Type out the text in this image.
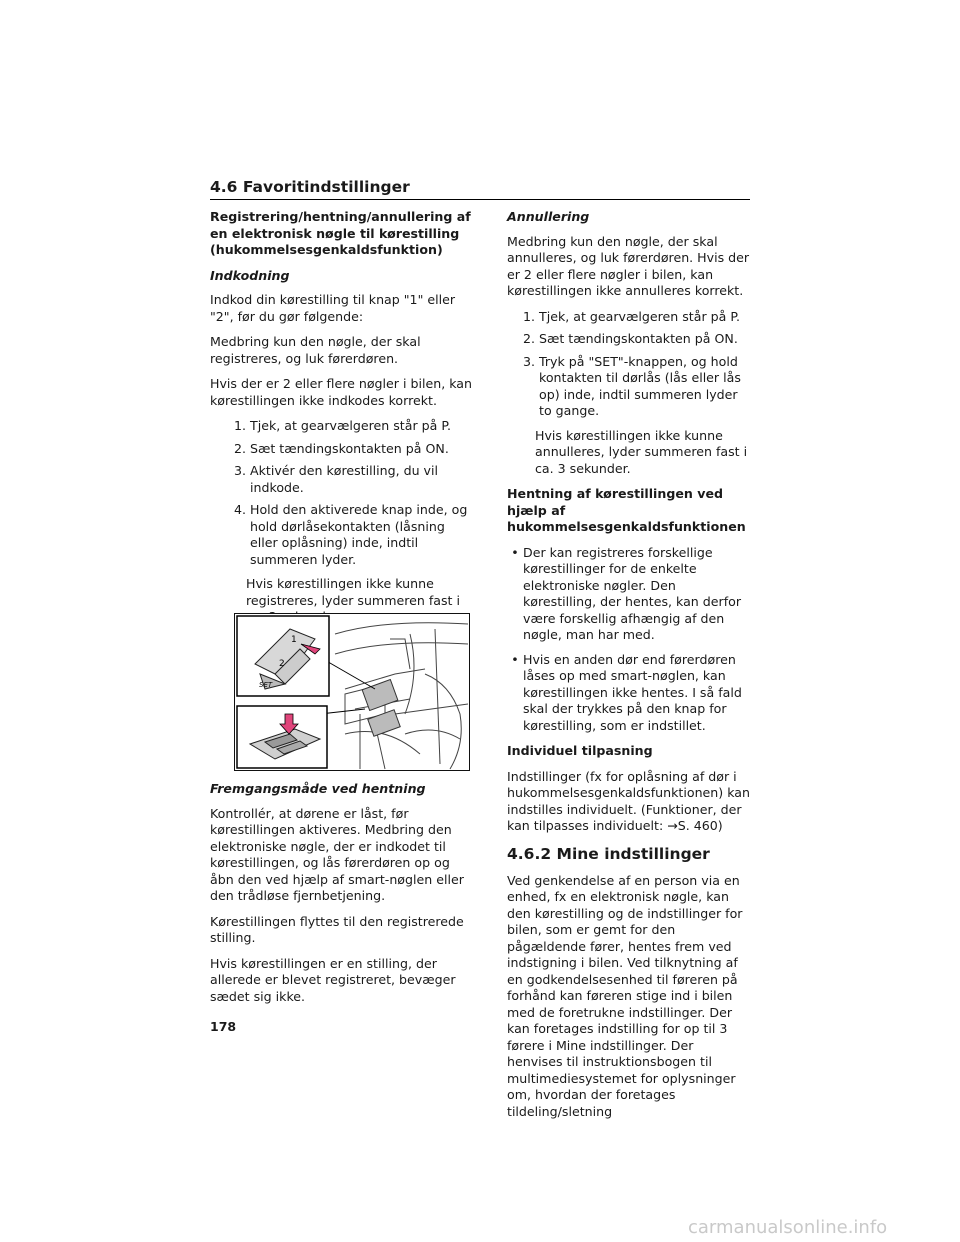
4.6 Favoritindstillinger
Registrering/hentning/annullering af en elektronisk nøgle til kørestilling (hukommelsesgenkaldsfunktion)
Indkodning

Indkod din kørestilling til knap "1" eller "2", før du gør følgende:

Medbring kun den nøgle, der skal registreres, og luk førerdøren.

Hvis der er 2 eller flere nøgler i bilen, kan kørestillingen ikke indkodes korrekt.

1. Tjek, at gearvælgeren står på P.
2. Sæt tændingskontakten på ON.
3. Aktivér den kørestilling, du vil indkode.
4. Hold den aktiverede knap inde, og hold dørlåsekontakten (låsning eller oplåsning) inde, indtil summeren lyder.

Hvis kørestillingen ikke kunne registreres, lyder summeren fast i

1
2
SET
Fremgangsmåde ved hentning

Kontrollér, at dørene er låst, før kørestillingen aktiveres. Medbring den elektroniske nøgle, der er indkodet til kørestillingen, og lås førerdøren op og åbn den ved hjælp af smart-nøglen eller den trådløse fjernbetjening.

Kørestillingen flyttes til den registrerede stilling.

Hvis kørestillingen er en stilling, der allerede er blevet registreret, bevæger sædet sig ikke.

Annullering

Medbring kun den nøgle, der skal annulleres, og luk førerdøren. Hvis der er 2 eller flere nøgler i bilen, kan kørestillingen ikke annulleres korrekt.

1. Tjek, at gearvælgeren står på P.
2. Sæt tændingskontakten på ON.
3. Tryk på "SET"-knappen, og hold kontakten til dørlås (lås eller lås op) inde, indtil summeren lyder to gange.

Hvis kørestillingen ikke kunne annulleres, lyder summeren fast i ca. 3 sekunder.

Hentning af kørestillingen ved hjælp af hukommelsesgenkaldsfunktionen
• Der kan registreres forskellige kørestillinger for de enkelte elektroniske nøgler. Den kørestilling, der hentes, kan derfor være forskellig afhængig af den nøgle, man har med.
• Hvis en anden dør end førerdøren låses op med smart-nøglen, kan kørestillingen ikke hentes. I så fald skal der trykkes på den knap for kørestilling, som er indstillet.
Individuel tilpasning

Indstillinger (fx for oplåsning af dør i hukommelsesgenkaldsfunktionen) kan indstilles individuelt. (Funktioner, der kan tilpasses individuelt: →S. 460)

4.6.2 Mine indstillinger

Ved genkendelse af en person via en enhed, fx en elektronisk nøgle, kan den kørestilling og de indstillinger for bilen, som er gemt for den pågældende fører, hentes frem ved indstigning i bilen. Ved tilknytning af en godkendelsesenhed til føreren på forhånd kan føreren stige ind i bilen med de foretrukne indstillinger. Der kan foretages indstilling for op til 3 førere i Mine indstillinger. Der henvises til instruktionsbogen til multimediesystemet for oplysninger om, hvordan der foretages tildeling/sletning

178
carmanualsonline.info
